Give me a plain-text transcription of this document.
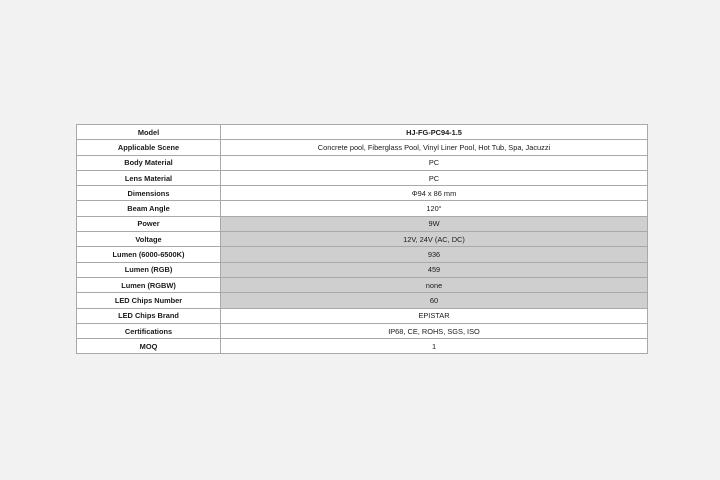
Model	HJ-FG-PC94-1.5
Applicable Scene	Concrete pool, Fiberglass Pool, Vinyl Liner Pool, Hot Tub, Spa, Jacuzzi
Body Material	PC
Lens Material	PC
Dimensions	Φ94 x 86 mm
Beam Angle	120°
Power	9W
Voltage	12V, 24V (AC, DC)
Lumen (6000-6500K)	936
Lumen (RGB)	459
Lumen (RGBW)	none
LED Chips Number	60
LED Chips Brand	EPISTAR
Certifications	IP68, CE, ROHS, SGS, ISO
MOQ	1
